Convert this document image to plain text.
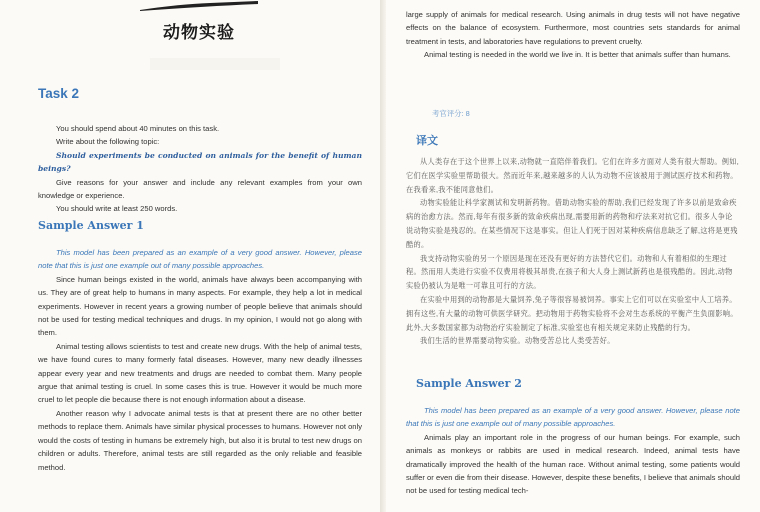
动物实验
Task 2

You should spend about 40 minutes on this task.

Write about the following topic:

Should experiments be conducted on animals for the benefit of human beings?

Give reasons for your answer and include any relevant examples from your own knowledge or experience.

You should write at least 250 words.

Sample Answer 1

This model has been prepared as an example of a very good answer. However, please note that this is just one example out of many possible approaches.

Since human beings existed in the world, animals have always been accompanying with us. They are of great help to humans in many aspects. For example, they help a lot in medical experiments. However in recent years a growing number of people believe that animals should not be used for testing medical techniques and drugs. In my opinion, I would not go along with them.

Animal testing allows scientists to test and create new drugs. With the help of animal tests, we have found cures to many formerly fatal diseases. However, many new deadly illnesses appear every year and new treatments and drugs are needed to combat them. Many people argue that animal testing is cruel. In some cases this is true. However it would be much more cruel to let people die because there is not enough information about a disease.

Another reason why I advocate animal tests is that at present there are no other better methods to replace them. Animals have similar physical processes to humans. However not only would the costs of testing in humans be extremely high, but also it is brutal to test new drugs on children or adults. Therefore, animal tests are still regarded as the only reliable and feasible method.

large supply of animals for medical research. Using animals in drug tests will not have negative effects on the balance of ecosystem. Furthermore, most countries sets standards for animal treatment in tests, and laboratories have regulations to prevent cruelty.

Animal testing is needed in the world we live in. It is better that animals suffer than humans.

考官评分: 8

译文

从人类存在于这个世界上以来,动物就一直陪伴着我们。它们在许多方面对人类有很大帮助。例如,它们在医学实验里帮助很大。然而近年来,越来越多的人认为动物不应该被用于测试医疗技术和药物。在我看来,我不能同意他们。

动物实验能让科学家测试和发明新药物。借助动物实验的帮助,我们已经发现了许多以前是致命疾病的治愈方法。然而,每年有很多新的致命疾病出现,需要用新的药物和疗法来对抗它们。很多人争论说动物实验是残忍的。在某些情况下这是事实。但让人们死于因对某种疾病信息缺乏了解,这将是更残酷的。

我支持动物实验的另一个原因是现在还没有更好的方法替代它们。动物和人有着相似的生理过程。然而用人类进行实验不仅费用将极其昂贵,在孩子和大人身上测试新药也是很残酷的。因此,动物实验仍被认为是唯一可靠且可行的方法。

在实验中用到的动物都是大量饲养,兔子等很容易被饲养。事实上它们可以在实验室中人工培养。拥有这些,有大量的动物可供医学研究。把动物用于药物实验将不会对生态系统的平衡产生负面影响。此外,大多数国家都为动物治疗实验制定了标准,实验室也有相关规定来防止残酷的行为。

我们生活的世界需要动物实验。动物受苦总比人类受苦好。

Sample Answer 2

This model has been prepared as an example of a very good answer. However, please note that this is just one example out of many possible approaches.

Animals play an important role in the progress of our human beings. For example, such animals as monkeys or rabbits are used in medical research. Indeed, animal tests have dramatically improved the health of the human race. Without animal testing, some patients would suffer or even die from their disease. However, despite these benefits, I believe that animals should not be used for testing medical tech-
